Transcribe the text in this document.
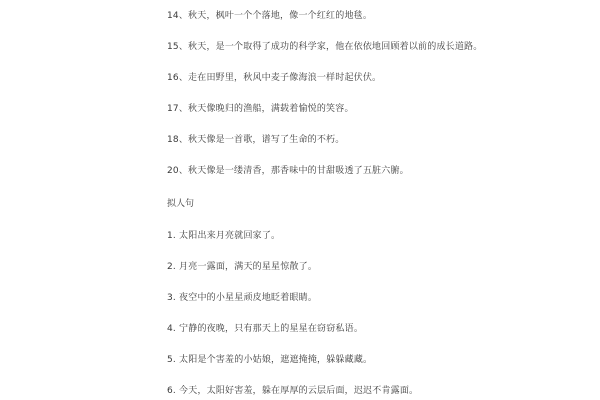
14、秋天，枫叶一个个落地，像一个红红的地毯。
15、秋天，是一个取得了成功的科学家，他在依依地回顾着以前的成长道路。
16、走在田野里，秋风中麦子像海浪一样时起伏伏。
17、秋天像晚归的渔船，满载着愉悦的笑容。
18、秋天像是一首歌，谱写了生命的不朽。
20、秋天像是一缕清香，那香味中的甘甜吸透了五脏六腑。
拟人句
1. 太阳出来月亮就回家了。
2. 月亮一露面，满天的星星惊散了。
3. 夜空中的小星星顽皮地眨着眼睛。
4. 宁静的夜晚，只有那天上的星星在窃窃私语。
5. 太阳是个害羞的小姑娘，遮遮掩掩，躲躲藏藏。
6. 今天，太阳好害羞，躲在厚厚的云层后面，迟迟不肯露面。
